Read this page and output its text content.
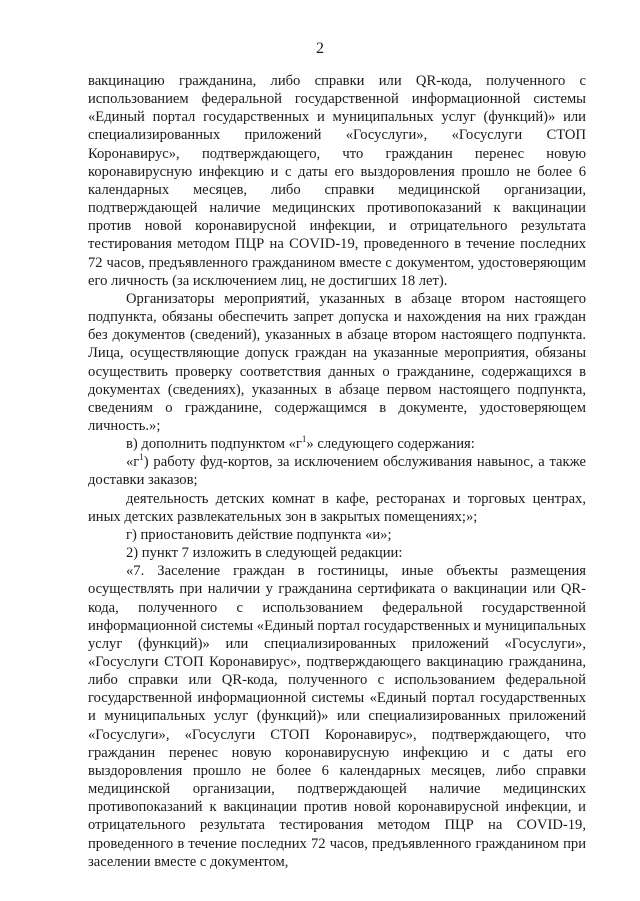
2

вакцинацию гражданина, либо справки или QR-кода, полученного с использованием федеральной государственной информационной системы «Единый портал государственных и муниципальных услуг (функций)» или специализированных приложений «Госуслуги», «Госуслуги СТОП Коронавирус», подтверждающего, что гражданин перенес новую коронавирусную инфекцию и с даты его выздоровления прошло не более 6 календарных месяцев, либо справки медицинской организации, подтверждающей наличие медицинских противопоказаний к вакцинации против новой коронавирусной инфекции, и отрицательного результата тестирования методом ПЦР на COVID-19, проведенного в течение последних 72 часов, предъявленного гражданином вместе с документом, удостоверяющим его личность (за исключением лиц, не достигших 18 лет).

Организаторы мероприятий, указанных в абзаце втором настоящего подпункта, обязаны обеспечить запрет допуска и нахождения на них граждан без документов (сведений), указанных в абзаце втором настоящего подпункта. Лица, осуществляющие допуск граждан на указанные мероприятия, обязаны осуществить проверку соответствия данных о гражданине, содержащихся в документах (сведениях), указанных в абзаце первом настоящего подпункта, сведениям о гражданине, содержащимся в документе, удостоверяющем личность.»;

в) дополнить подпунктом «$г^1$» следующего содержания:

«$г^1$) работу фуд-кортов, за исключением обслуживания навынос, а также доставки заказов;

деятельность детских комнат в кафе, ресторанах и торговых центрах, иных детских развлекательных зон в закрытых помещениях;»;

г) приостановить действие подпункта «и»;

2) пункт 7 изложить в следующей редакции:

«7. Заселение граждан в гостиницы, иные объекты размещения осуществлять при наличии у гражданина сертификата о вакцинации или QR-кода, полученного с использованием федеральной государственной информационной системы «Единый портал государственных и муниципальных услуг (функций)» или специализированных приложений «Госуслуги», «Госуслуги СТОП Коронавирус», подтверждающего вакцинацию гражданина, либо справки или QR-кода, полученного с использованием федеральной государственной информационной системы «Единый портал государственных и муниципальных услуг (функций)» или специализированных приложений «Госуслуги», «Госуслуги СТОП Коронавирус», подтверждающего, что гражданин перенес новую коронавирусную инфекцию и с даты его выздоровления прошло не более 6 календарных месяцев, либо справки медицинской организации, подтверждающей наличие медицинских противопоказаний к вакцинации против новой коронавирусной инфекции, и отрицательного результата тестирования методом ПЦР на COVID-19, проведенного в течение последних 72 часов, предъявленного гражданином при заселении вместе с документом,
